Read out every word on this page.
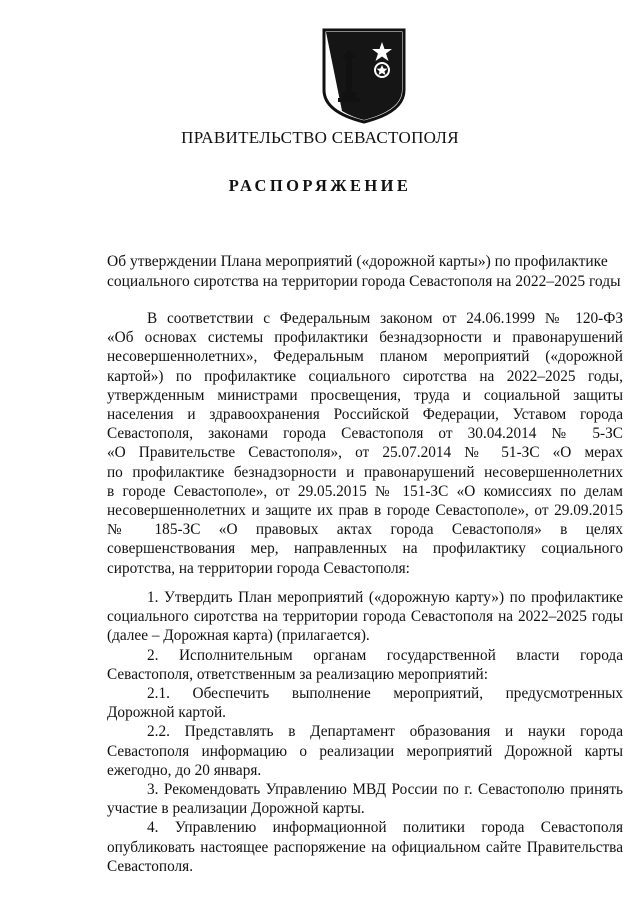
ПРАВИТЕЛЬСТВО СЕВАСТОПОЛЯ
РАСПОРЯЖЕНИЕ
Об утверждении Плана мероприятий («дорожной карты») по профилактике
социального сиротства на территории города Севастополя на 2022–2025 годы
В соответствии с Федеральным законом от 24.06.1999 № 120-ФЗ
«Об основах системы профилактики безнадзорности и правонарушений
несовершеннолетних», Федеральным планом мероприятий («дорожной
картой») по профилактике социального сиротства на 2022–2025 годы,
утвержденным министрами просвещения, труда и социальной защиты
населения и здравоохранения Российской Федерации, Уставом города
Севастополя, законами города Севастополя от 30.04.2014 № 5-ЗС
«О Правительстве Севастополя», от 25.07.2014 № 51-ЗС «О мерах
по профилактике безнадзорности и правонарушений несовершеннолетних
в городе Севастополе», от 29.05.2015 № 151-ЗС «О комиссиях по делам
несовершеннолетних и защите их прав в городе Севастополе», от 29.09.2015
№ 185-ЗС «О правовых актах города Севастополя» в целях
совершенствования мер, направленных на профилактику социального
сиротства, на территории города Севастополя:
1. Утвердить План мероприятий («дорожную карту») по профилактике
социального сиротства на территории города Севастополя на 2022–2025 годы
(далее – Дорожная карта) (прилагается).
2. Исполнительным органам государственной власти города
Севастополя, ответственным за реализацию мероприятий:
2.1. Обеспечить выполнение мероприятий, предусмотренных
Дорожной картой.
2.2. Представлять в Департамент образования и науки города
Севастополя информацию о реализации мероприятий Дорожной карты
ежегодно, до 20 января.
3. Рекомендовать Управлению МВД России по г. Севастополю принять
участие в реализации Дорожной карты.
4. Управлению информационной политики города Севастополя
опубликовать настоящее распоряжение на официальном сайте Правительства
Севастополя.
